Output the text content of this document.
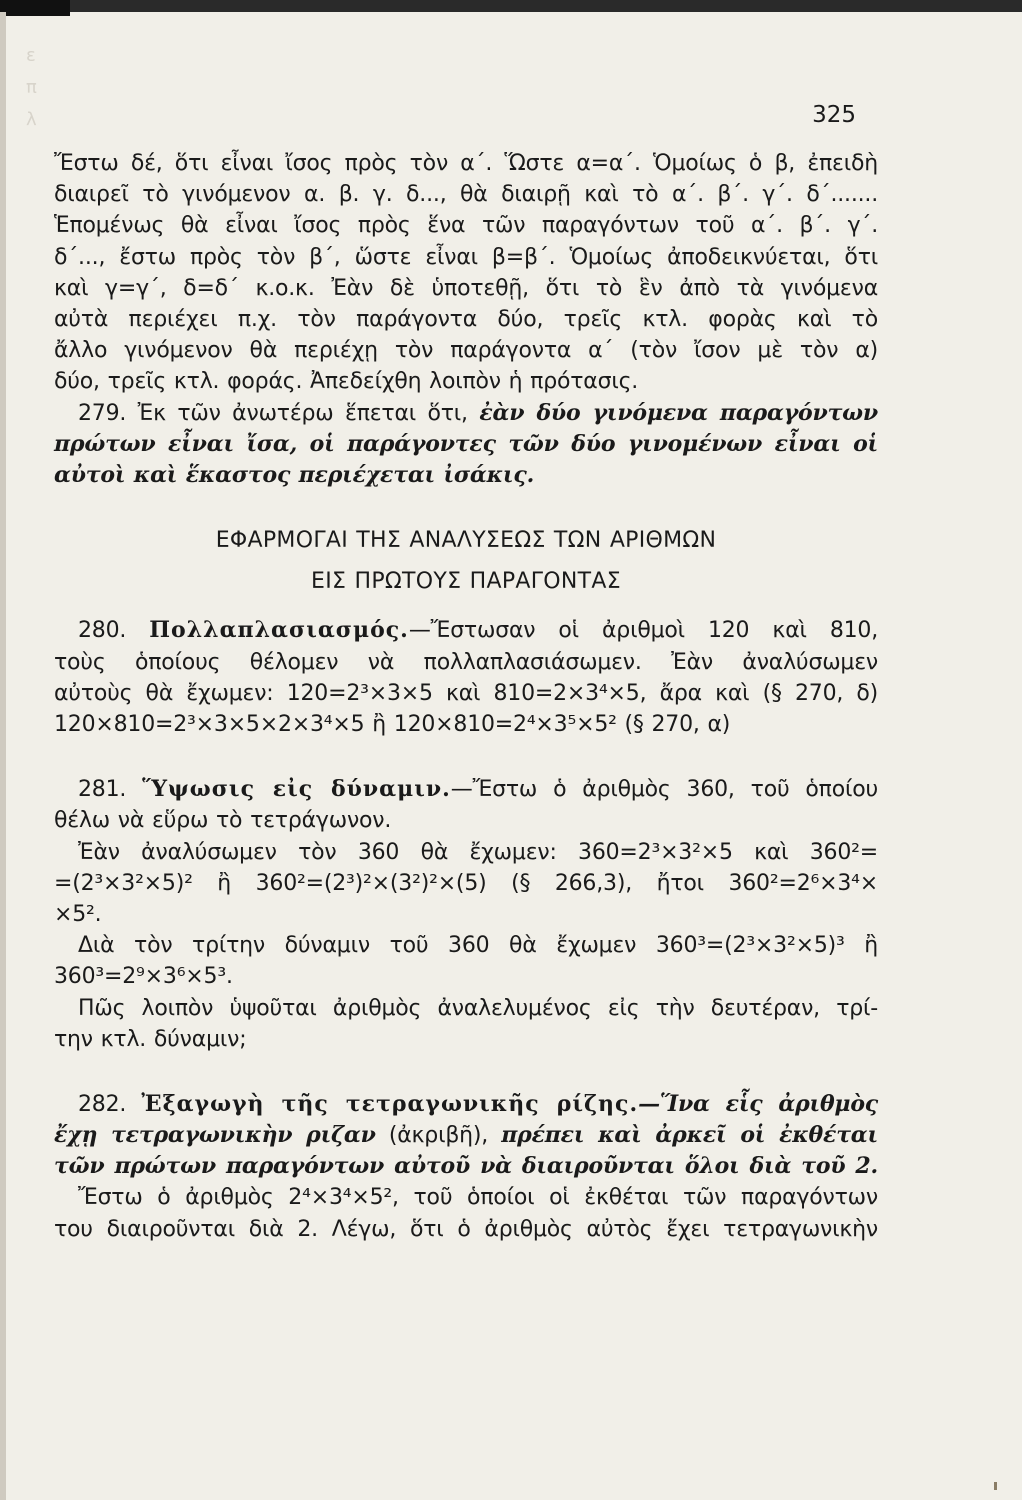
ε
π
λ	325
Ἔστω δέ, ὅτι εἶναι ἴσος πρὸς τὸν α΄. Ὥστε α=α΄. Ὁμοίως ὁ β, ἐπειδὴ
διαιρεῖ τὸ γινόμενον α. β. γ. δ..., θὰ διαιρῇ καὶ τὸ α΄. β΄. γ΄. δ΄.......
Ἑπομένως θὰ εἶναι ἴσος πρὸς ἕνα τῶν παραγόντων τοῦ α΄. β΄. γ΄.
δ΄..., ἔστω πρὸς τὸν β΄, ὥστε εἶναι β=β΄. Ὁμοίως ἀποδεικνύεται, ὅτι
καὶ γ=γ΄, δ=δ΄ κ.ο.κ. Ἐὰν δὲ ὑποτεθῇ, ὅτι τὸ ἓν ἀπὸ τὰ γινόμενα
αὐτὰ περιέχει π.χ. τὸν παράγοντα δύο, τρεῖς κτλ. φορὰς καὶ τὸ
ἄλλο γινόμενον θὰ περιέχῃ τὸν παράγοντα α΄ (τὸν ἴσον μὲ τὸν α)
δύο, τρεῖς κτλ. φοράς. Ἀπεδείχθη λοιπὸν ἡ πρότασις.
279. Ἐκ τῶν ἀνωτέρω ἕπεται ὅτι, ἐὰν δύο γινόμενα παραγόντων
πρώτων εἶναι ἴσα, οἱ παράγοντες τῶν δύο γινομένων εἶναι οἱ
αὐτοὶ καὶ ἕκαστος περιέχεται ἰσάκις.
ΕΦΑΡΜΟΓΑΙ ΤΗΣ ΑΝΑΛΥΣΕΩΣ ΤΩΝ ΑΡΙΘΜΩΝ
ΕΙΣ ΠΡΩΤΟΥΣ ΠΑΡΑΓΟΝΤΑΣ
280. Πολλαπλασιασμός.—Ἔστωσαν οἱ ἀριθμοὶ 120 καὶ 810,
τοὺς ὁποίους θέλομεν νὰ πολλαπλασιάσωμεν. Ἐὰν ἀναλύσωμεν
αὐτοὺς θὰ ἔχωμεν: 120=2³×3×5 καὶ 810=2×3⁴×5, ἄρα καὶ (§ 270, δ)
120×810=2³×3×5×2×3⁴×5 ἢ 120×810=2⁴×3⁵×5² (§ 270, α)
281. Ὕψωσις εἰς δύναμιν.—Ἔστω ὁ ἀριθμὸς 360, τοῦ ὁποίου
θέλω νὰ εὕρω τὸ τετράγωνον.
Ἐὰν ἀναλύσωμεν τὸν 360 θὰ ἔχωμεν: 360=2³×3²×5 καὶ 360²=
=(2³×3²×5)² ἢ 360²=(2³)²×(3²)²×(5) (§ 266,3), ἤτοι 360²=2⁶×3⁴×
×5².
Διὰ τὸν τρίτην δύναμιν τοῦ 360 θὰ ἔχωμεν 360³=(2³×3²×5)³ ἢ
360³=2⁹×3⁶×5³.
Πῶς λοιπὸν ὑψοῦται ἀριθμὸς ἀναλελυμένος εἰς τὴν δευτέραν, τρί-
την κτλ. δύναμιν;
282. Ἐξαγωγὴ τῆς τετραγωνικῆς ρίζης.—Ἵνα εἷς ἀριθμὸς
ἔχῃ τετραγωνικὴν ριζαν (ἀκριβῆ), πρέπει καὶ ἀρκεῖ οἱ ἐκθέται
τῶν πρώτων παραγόντων αὐτοῦ νὰ διαιροῦνται ὅλοι διὰ τοῦ 2.
Ἔστω ὁ ἀριθμὸς 2⁴×3⁴×5², τοῦ ὁποίοι οἱ ἐκθέται τῶν παραγόντων
του διαιροῦνται διὰ 2. Λέγω, ὅτι ὁ ἀριθμὸς αὐτὸς ἔχει τετραγωνικὴν
